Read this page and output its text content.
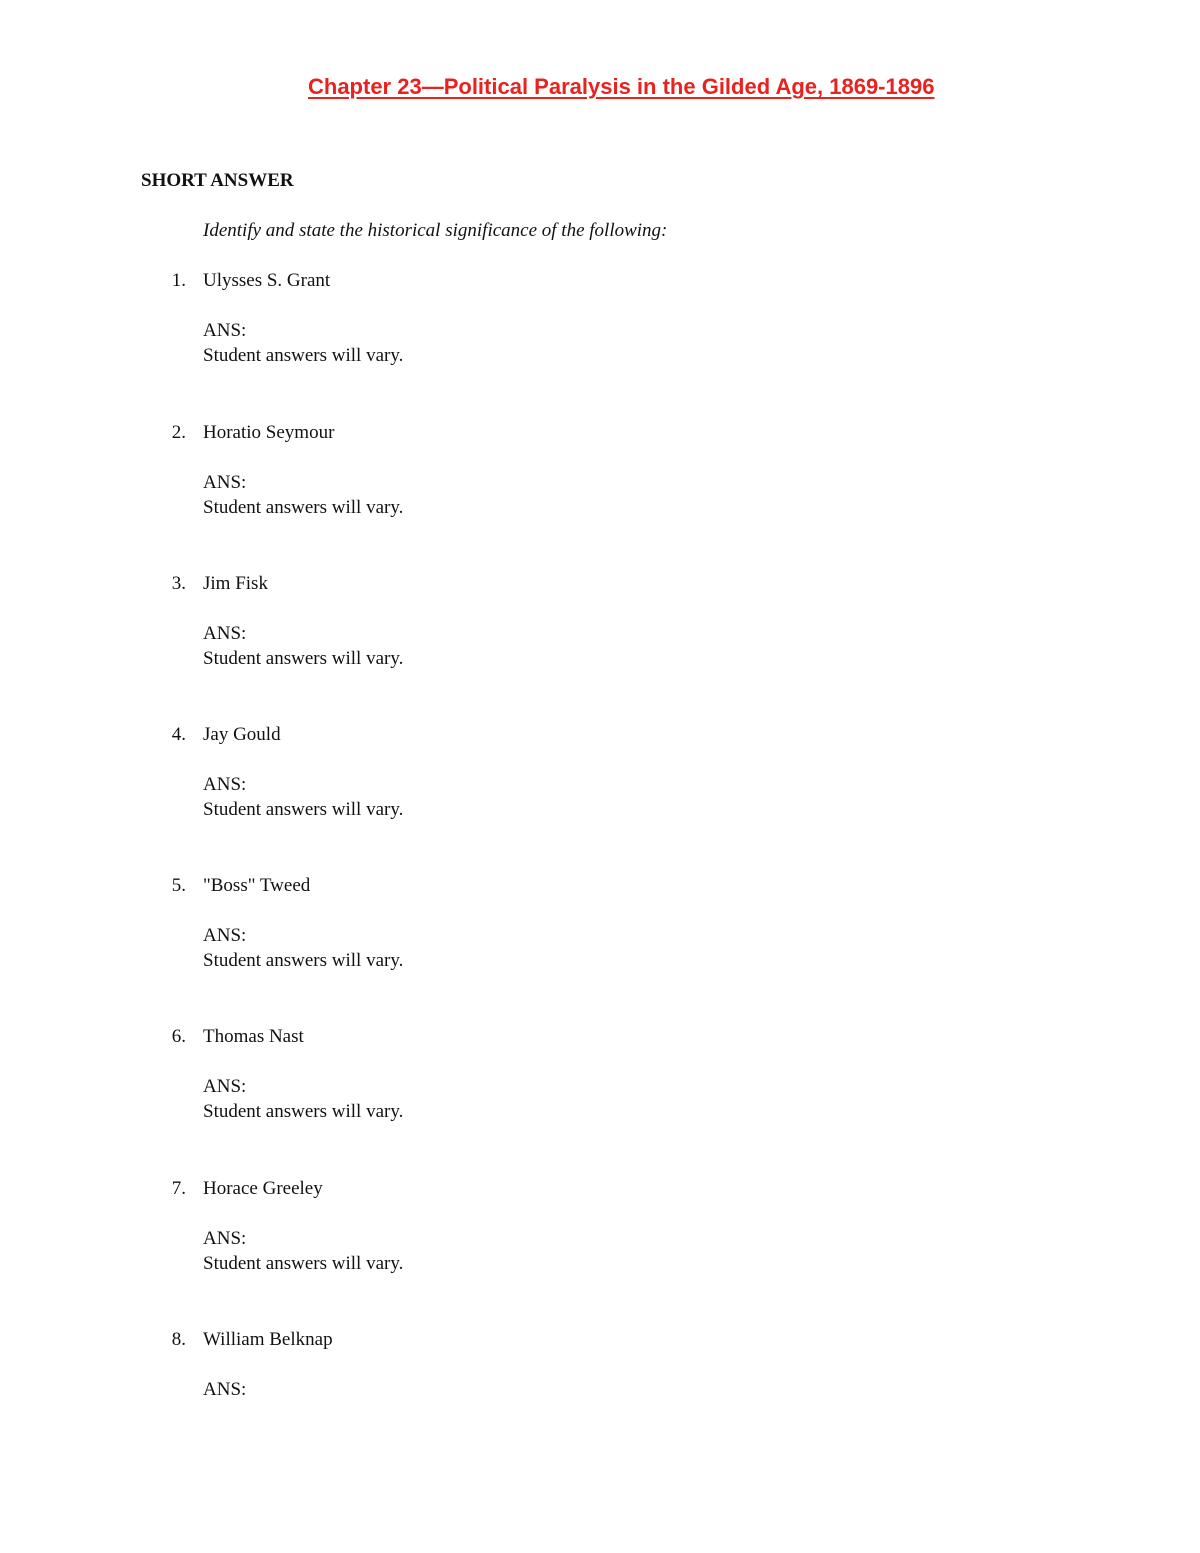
Chapter 23—Political Paralysis in the Gilded Age, 1869-1896
SHORT ANSWER
Identify and state the historical significance of the following:
1. Ulysses S. Grant
ANS:
Student answers will vary.
2. Horatio Seymour
ANS:
Student answers will vary.
3. Jim Fisk
ANS:
Student answers will vary.
4. Jay Gould
ANS:
Student answers will vary.
5. "Boss" Tweed
ANS:
Student answers will vary.
6. Thomas Nast
ANS:
Student answers will vary.
7. Horace Greeley
ANS:
Student answers will vary.
8. William Belknap
ANS:
